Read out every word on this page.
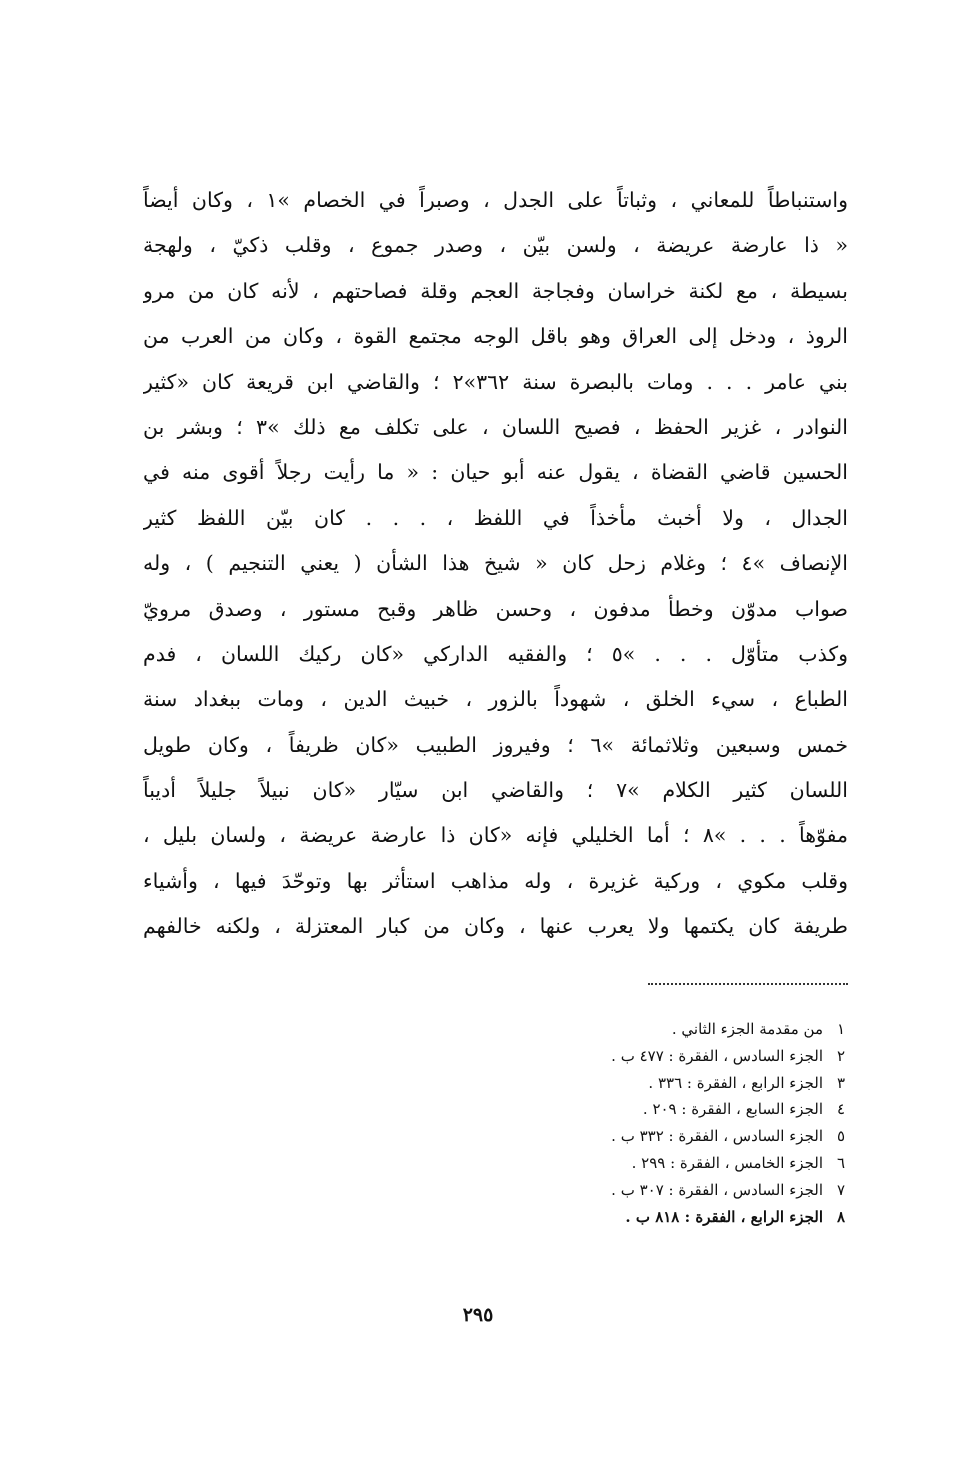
واستنباطاً للمعاني ، وثباتاً على الجدل ، وصبراً في الخصام »١ ، وكان أيضاً
« ذا عارضة عريضة ، ولسن بيّن ، وصدر جموع ، وقلب ذكيّ ، ولهجة
بسيطة ، مع لكنة خراسان وفجاجة العجم وقلة فصاحتهم ، لأنه كان من مرو
الروذ ، ودخل إلى العراق وهو باقل الوجه مجتمع القوة ، وكان من العرب من
بني عامر . . . ومات بالبصرة سنة ٣٦٢»٢ ؛ والقاضي ابن قريعة كان «كثير
النوادر ، غزير الحفظ ، فصيح اللسان ، على تكلف مع ذلك »٣ ؛ وبشر بن
الحسين قاضي القضاة ، يقول عنه أبو حيان : « ما رأيت رجلاً أقوى منه في
الجدال ، ولا أخبث مأخذاً في اللفظ ، . . . كان بيّن اللفظ كثير
الإنصاف »٤ ؛ وغلام زحل كان « شيخ هذا الشأن ( يعني التنجيم ) ، وله
صواب مدوّن وخطأ مدفون ، وحسن ظاهر وقبح مستور ، وصدق مرويّ
وكذب متأوّل . . . »٥ ؛ والفقيه الداركي «كان ركيك اللسان ، فدم
الطباع ، سيء الخلق ، شهوداً بالزور ، خبيث الدين ، ومات ببغداد سنة
خمس وسبعين وثلاثمائة »٦ ؛ وفيروز الطبيب «كان ظريفاً ، وكان طويل
اللسان كثير الكلام »٧ ؛ والقاضي ابن سيّار «كان نبيلاً جليلاً أديباً
مفوّهاً . . . »٨ ؛ أما الخليلي فإنه «كان ذا عارضة عريضة ، ولسان بليل ،
وقلب مكوي ، وركية غزيرة ، وله مذاهب استأثر بها وتوحّدَ فيها ، وأشياء
طريفة كان يكتمها ولا يعرب عنها ، وكان من كبار المعتزلة ، ولكنه خالفهم
١من مقدمة الجزء الثاني .
٢الجزء السادس ، الفقرة : ٤٧٧ ب .
٣الجزء الرابع ، الفقرة : ٣٣٦ .
٤الجزء السابع ، الفقرة : ٢٠٩ .
٥الجزء السادس ، الفقرة : ٣٣٢ ب .
٦الجزء الخامس ، الفقرة : ٢٩٩ .
٧الجزء السادس ، الفقرة : ٣٠٧ ب .
٨الجزء الرابع ، الفقرة : ٨١٨ ب .
٢٩٥
